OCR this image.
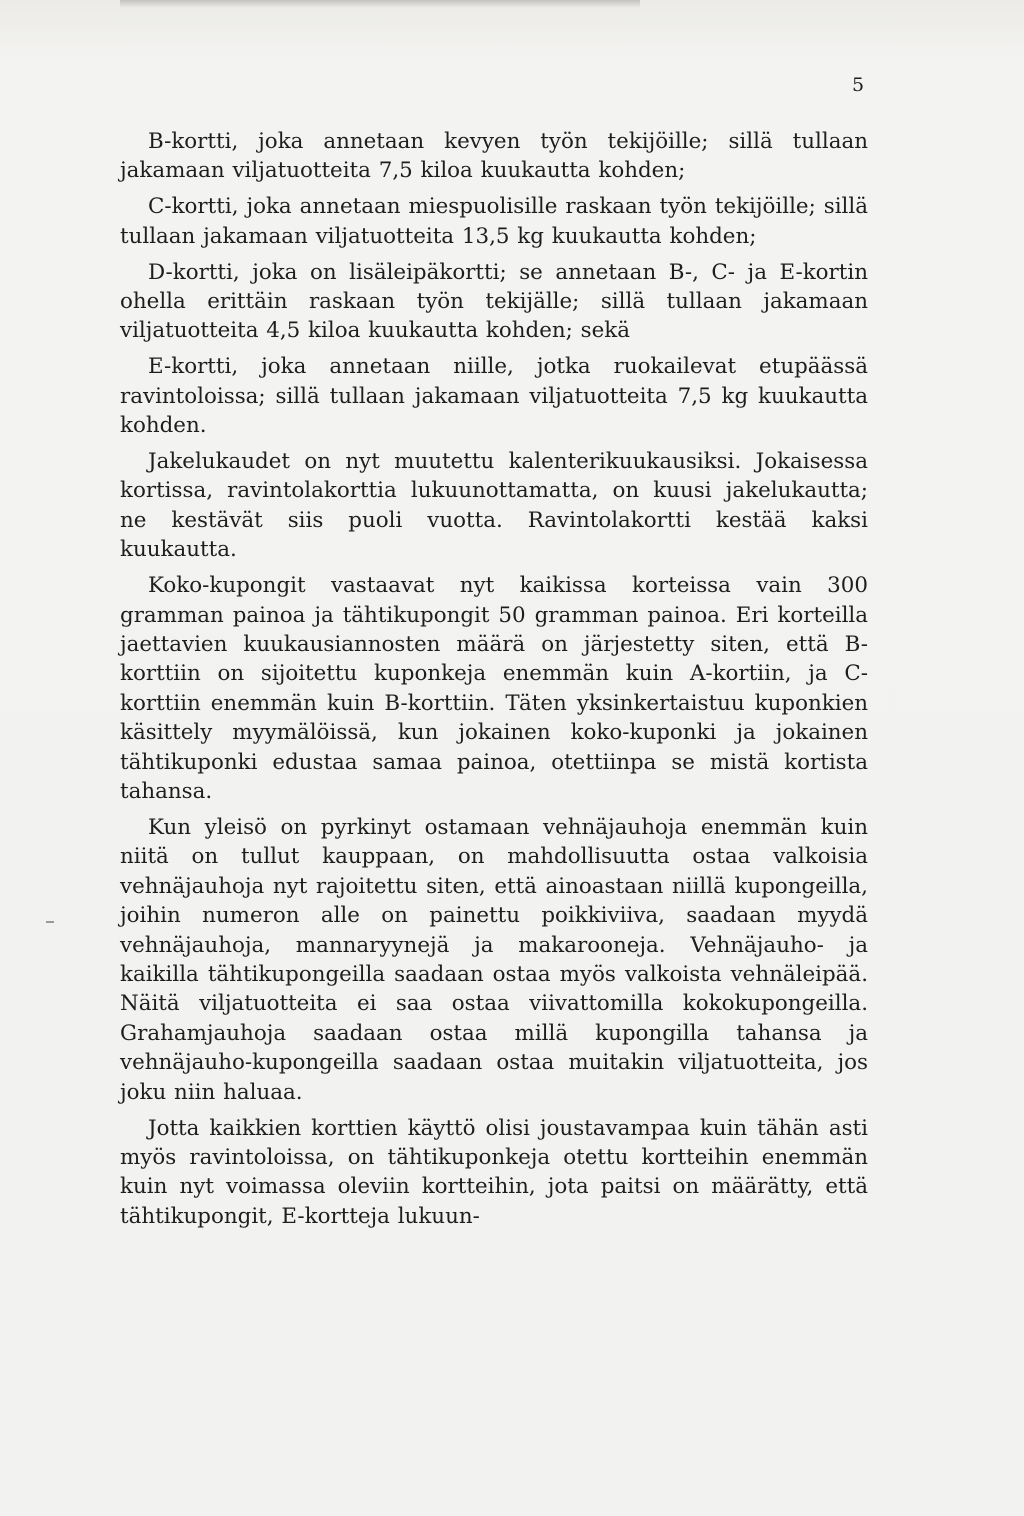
5

B-kortti, joka annetaan kevyen työn tekijöille; sillä tullaan jakamaan viljatuotteita 7,5 kiloa kuukautta kohden;

C-kortti, joka annetaan miespuolisille raskaan työn tekijöille; sillä tullaan jakamaan viljatuotteita 13,5 kg kuukautta kohden;

D-kortti, joka on lisäleipäkortti; se annetaan B-, C- ja E-kortin ohella erittäin raskaan työn tekijälle; sillä tullaan jakamaan viljatuotteita 4,5 kiloa kuukautta kohden; sekä

E-kortti, joka annetaan niille, jotka ruokailevat etupäässä ravintoloissa; sillä tullaan jakamaan viljatuotteita 7,5 kg kuukautta kohden.

Jakelukaudet on nyt muutettu kalenterikuukausiksi. Jokaisessa kortissa, ravintolakorttia lukuunottamatta, on kuusi jakelukautta; ne kestävät siis puoli vuotta. Ravintolakortti kestää kaksi kuukautta.

Koko-kupongit vastaavat nyt kaikissa korteissa vain 300 gramman painoa ja tähtikupongit 50 gramman painoa. Eri korteilla jaettavien kuukausiannosten määrä on järjestetty siten, että B-korttiin on sijoitettu kuponkeja enemmän kuin A-kortiin, ja C-korttiin enemmän kuin B-korttiin. Täten yksinkertaistuu kuponkien käsittely myymälöissä, kun jokainen koko-kuponki ja jokainen tähtikuponki edustaa samaa painoa, otettiinpa se mistä kortista tahansa.

Kun yleisö on pyrkinyt ostamaan vehnäjauhoja enemmän kuin niitä on tullut kauppaan, on mahdollisuutta ostaa valkoisia vehnäjauhoja nyt rajoitettu siten, että ainoastaan niillä kupongeilla, joihin numeron alle on painettu poikkiviiva, saadaan myydä vehnäjauhoja, mannaryynejä ja makarooneja. Vehnäjauho- ja kaikilla tähtikupongeilla saadaan ostaa myös valkoista vehnäleipää. Näitä viljatuotteita ei saa ostaa viivattomilla kokokupongeilla. Grahamjauhoja saadaan ostaa millä kupongilla tahansa ja vehnäjauho-kupongeilla saadaan ostaa muitakin viljatuotteita, jos joku niin haluaa.

Jotta kaikkien korttien käyttö olisi joustavampaa kuin tähän asti myös ravintoloissa, on tähtikuponkeja otettu kortteihin enemmän kuin nyt voimassa oleviin kortteihin, jota paitsi on määrätty, että tähtikupongit, E-kortteja lukuun-
